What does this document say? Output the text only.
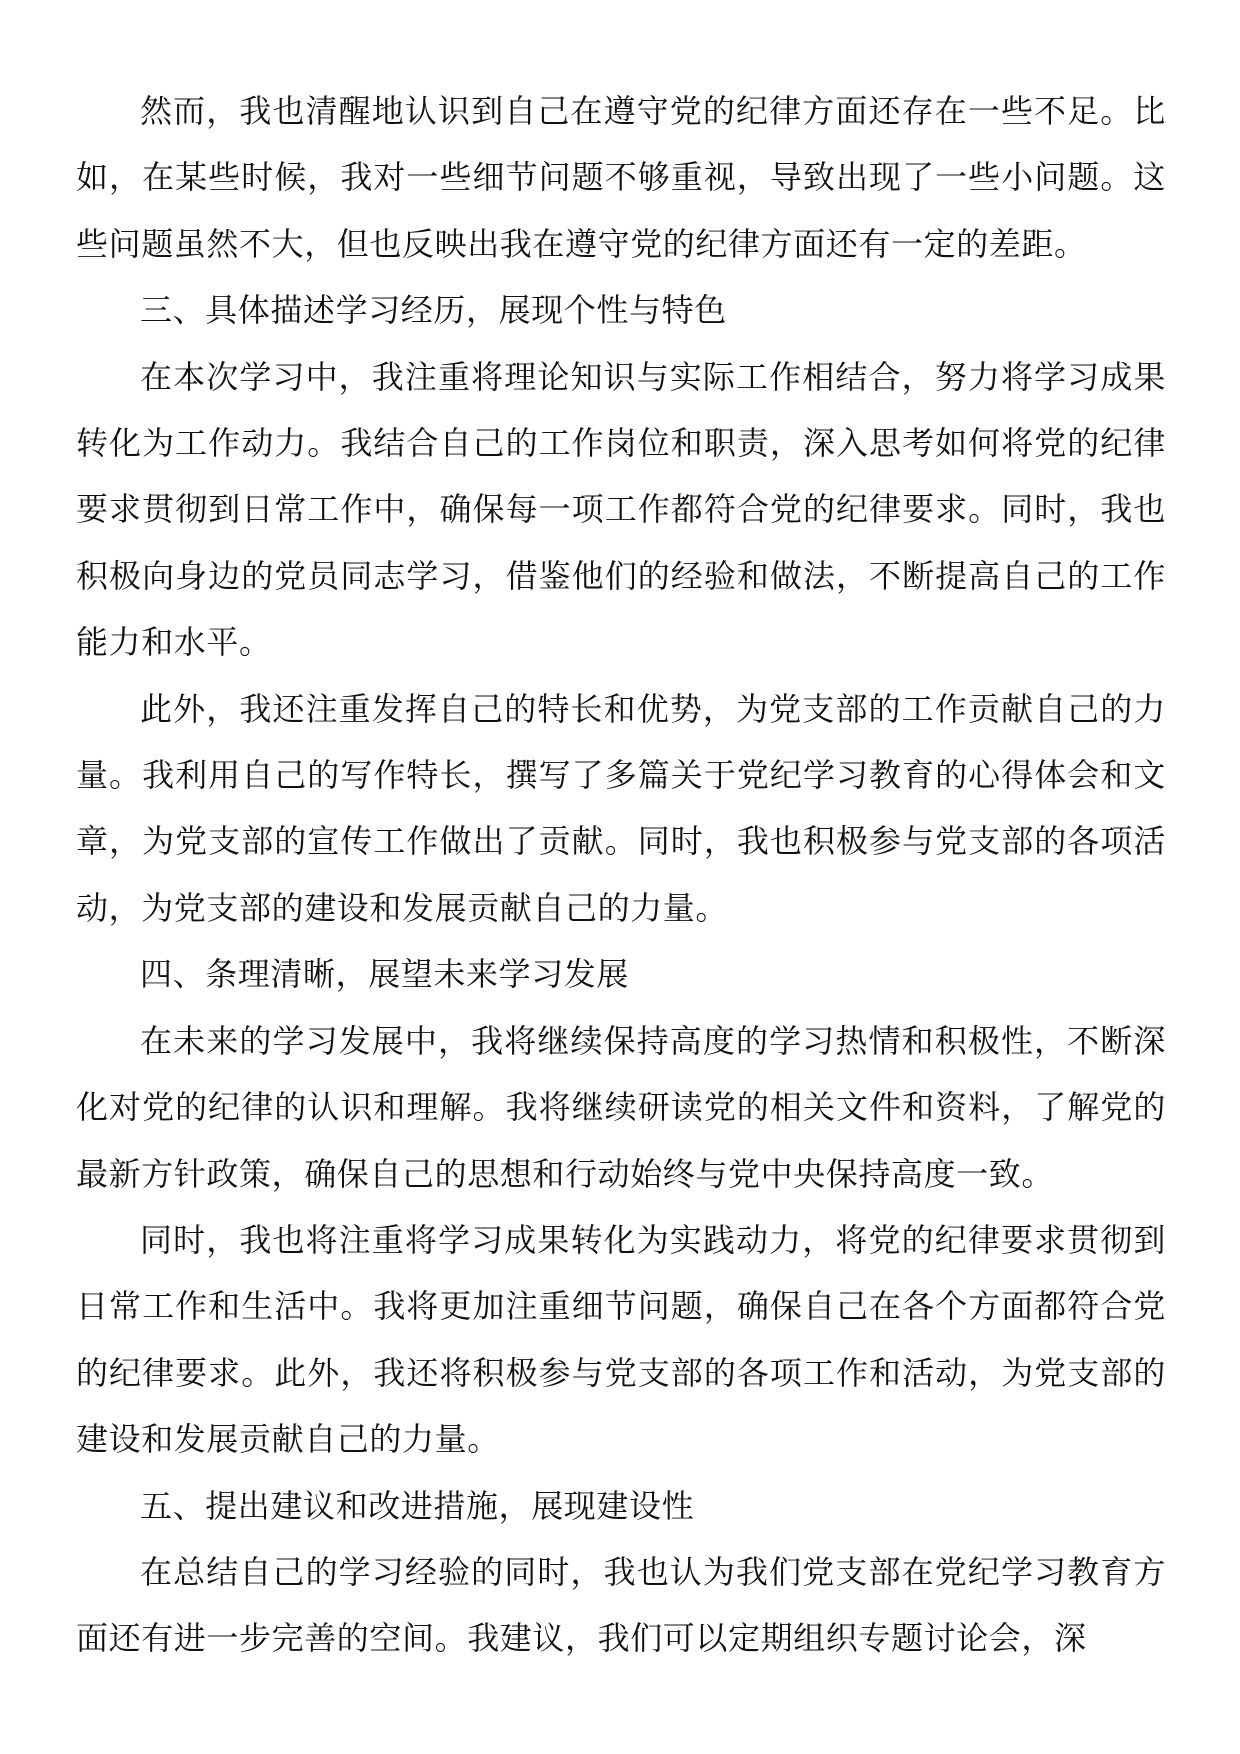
然而，我也清醒地认识到自己在遵守党的纪律方面还存在一些不足。比如，在某些时候，我对一些细节问题不够重视，导致出现了一些小问题。这些问题虽然不大，但也反映出我在遵守党的纪律方面还有一定的差距。

三、具体描述学习经历，展现个性与特色

在本次学习中，我注重将理论知识与实际工作相结合，努力将学习成果转化为工作动力。我结合自己的工作岗位和职责，深入思考如何将党的纪律要求贯彻到日常工作中，确保每一项工作都符合党的纪律要求。同时，我也积极向身边的党员同志学习，借鉴他们的经验和做法，不断提高自己的工作能力和水平。

此外，我还注重发挥自己的特长和优势，为党支部的工作贡献自己的力量。我利用自己的写作特长，撰写了多篇关于党纪学习教育的心得体会和文章，为党支部的宣传工作做出了贡献。同时，我也积极参与党支部的各项活动，为党支部的建设和发展贡献自己的力量。

四、条理清晰，展望未来学习发展

在未来的学习发展中，我将继续保持高度的学习热情和积极性，不断深化对党的纪律的认识和理解。我将继续研读党的相关文件和资料，了解党的最新方针政策，确保自己的思想和行动始终与党中央保持高度一致。

同时，我也将注重将学习成果转化为实践动力，将党的纪律要求贯彻到日常工作和生活中。我将更加注重细节问题，确保自己在各个方面都符合党的纪律要求。此外，我还将积极参与党支部的各项工作和活动，为党支部的建设和发展贡献自己的力量。

五、提出建议和改进措施，展现建设性

在总结自己的学习经验的同时，我也认为我们党支部在党纪学习教育方面还有进一步完善的空间。我建议，我们可以定期组织专题讨论会，深
